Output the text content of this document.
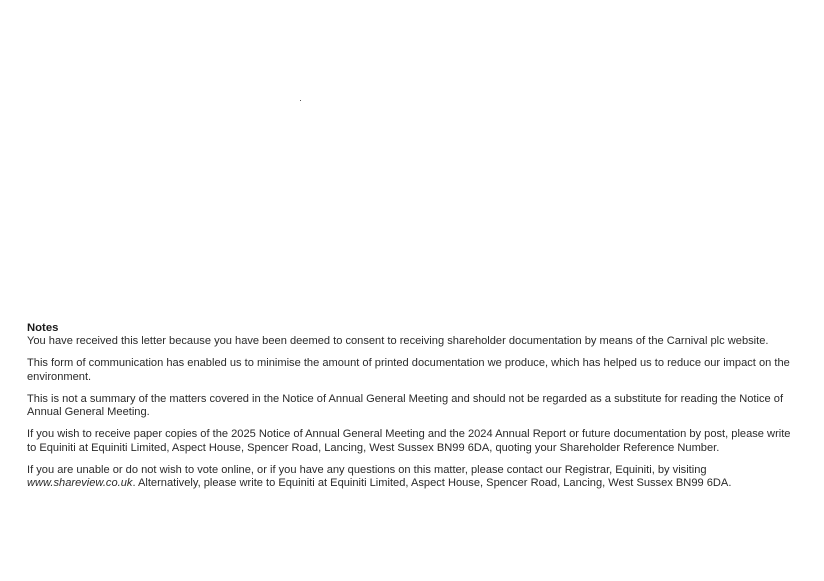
Notes

You have received this letter because you have been deemed to consent to receiving shareholder documentation by means of the Carnival plc website.

This form of communication has enabled us to minimise the amount of printed documentation we produce, which has helped us to reduce our impact on the environment.

This is not a summary of the matters covered in the Notice of Annual General Meeting and should not be regarded as a substitute for reading the Notice of Annual General Meeting.

If you wish to receive paper copies of the 2025 Notice of Annual General Meeting and the 2024 Annual Report or future documentation by post, please write to Equiniti at Equiniti Limited, Aspect House, Spencer Road, Lancing, West Sussex BN99 6DA, quoting your Shareholder Reference Number.

If you are unable or do not wish to vote online, or if you have any questions on this matter, please contact our Registrar, Equiniti, by visiting www.shareview.co.uk. Alternatively, please write to Equiniti at Equiniti Limited, Aspect House, Spencer Road, Lancing, West Sussex BN99 6DA.
